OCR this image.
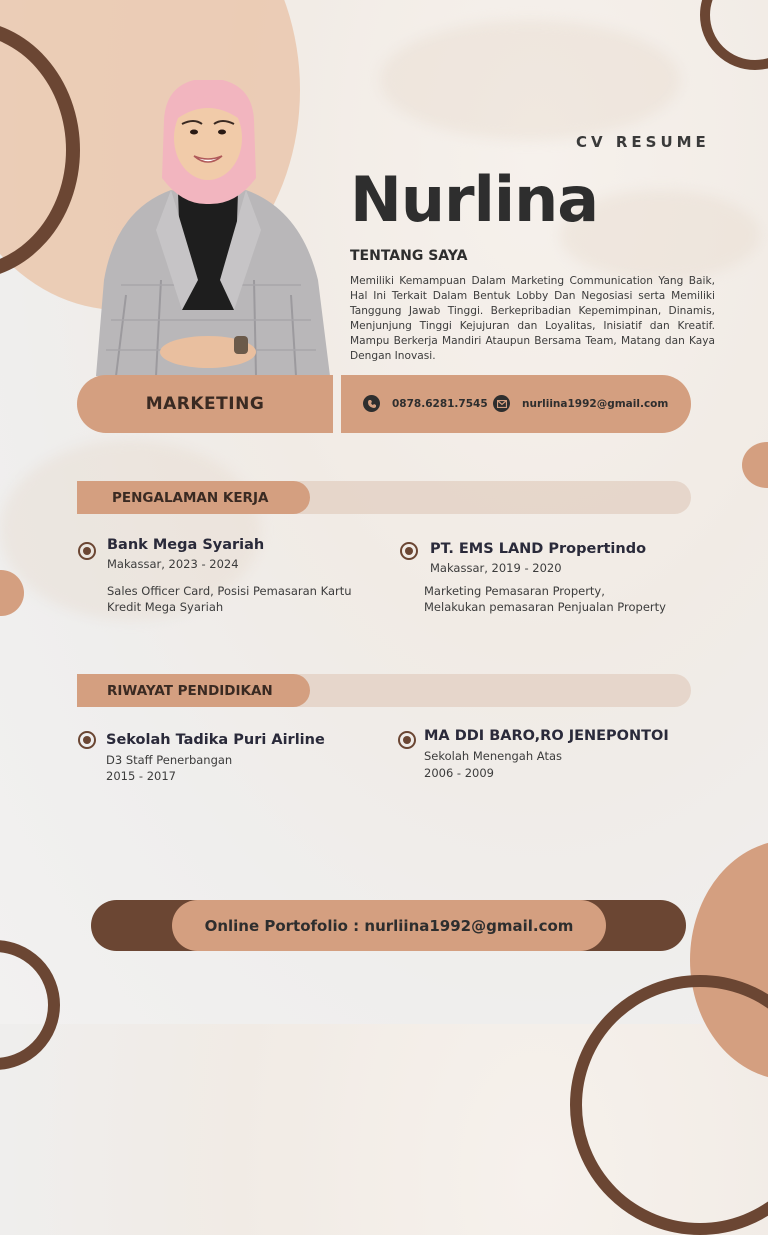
CV RESUME
Nurlina
TENTANG SAYA
Memiliki Kemampuan Dalam Marketing Communication Yang Baik, Hal Ini Terkait Dalam Bentuk Lobby Dan Negosiasi serta Memiliki Tanggung Jawab Tinggi. Berkepribadian Kepemimpinan, Dinamis, Menjunjung Tinggi Kejujuran dan Loyalitas, Inisiatif dan Kreatif. Mampu Berkerja Mandiri Ataupun Bersama Team, Matang dan Kaya Dengan Inovasi.
MARKETING	0878.6281.7545	nurliina1992@gmail.com
PENGALAMAN KERJA
Bank Mega Syariah
Makassar, 2023 - 2024
Sales Officer Card, Posisi Pemasaran Kartu
Kredit Mega Syariah
PT. EMS LAND Propertindo
Makassar, 2019 - 2020
Marketing Pemasaran Property,
Melakukan pemasaran Penjualan Property
RIWAYAT PENDIDIKAN
Sekolah Tadika Puri Airline
D3 Staff Penerbangan
2015 - 2017
MA DDI BARO,RO JENEPONTOI
Sekolah Menengah Atas
2006 - 2009
Online Portofolio : nurliina1992@gmail.com
